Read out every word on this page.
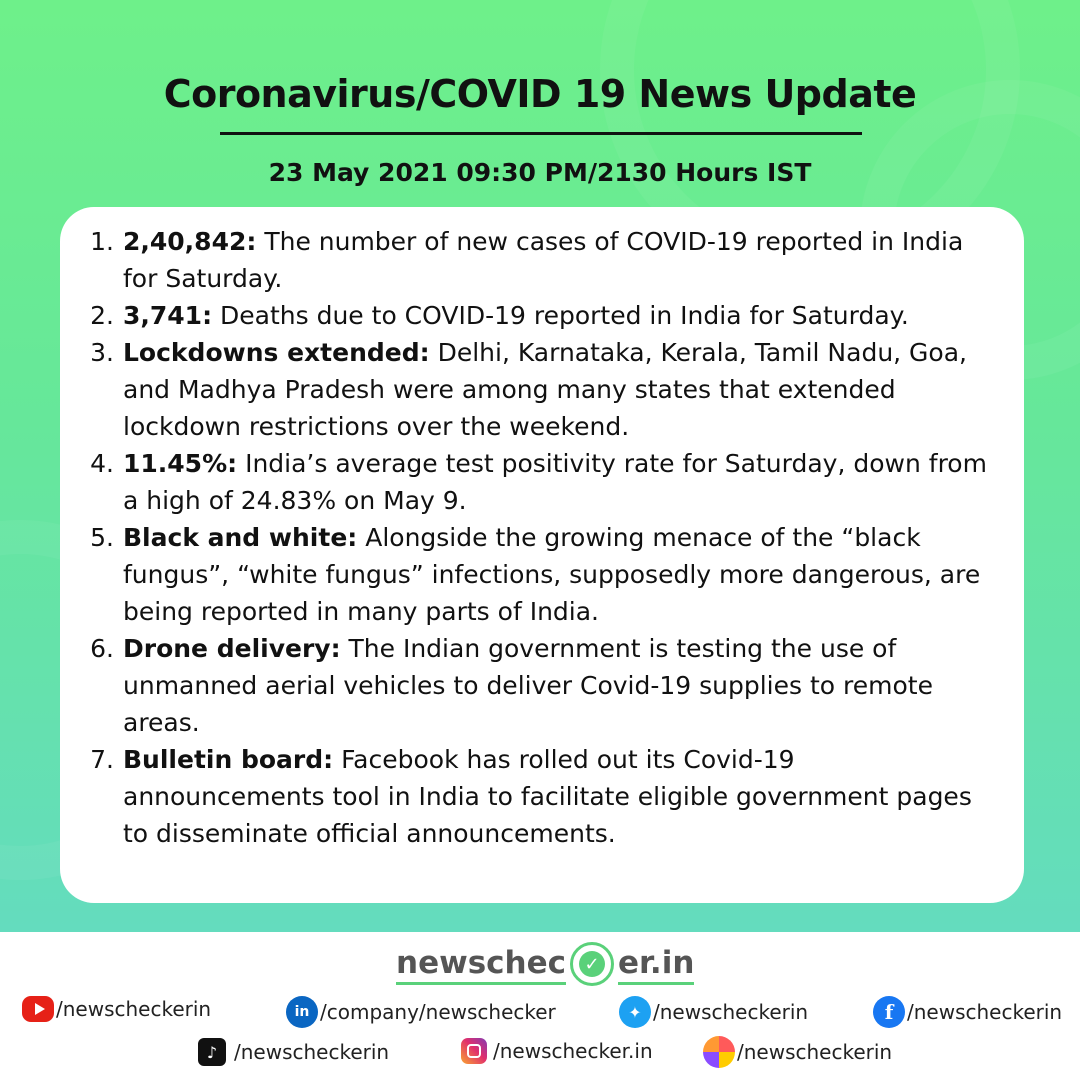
Coronavirus/COVID 19 News Update
23 May 2021 09:30 PM/2130 Hours IST
1. 2,40,842: The number of new cases of COVID-19 reported in India for Saturday.
2. 3,741: Deaths due to COVID-19 reported in India for Saturday.
3. Lockdowns extended: Delhi, Karnataka, Kerala, Tamil Nadu, Goa, and Madhya Pradesh were among many states that extended lockdown restrictions over the weekend.
4. 11.45%: India’s average test positivity rate for Saturday, down from a high of 24.83% on May 9.
5. Black and white: Alongside the growing menace of the “black fungus”, “white fungus” infections, supposedly more dangerous, are being reported in many parts of India.
6. Drone delivery: The Indian government is testing the use of unmanned aerial vehicles to deliver Covid-19 supplies to remote areas.
7. Bulletin board: Facebook has rolled out its Covid-19 announcements tool in India to facilitate eligible government pages to disseminate official announcements.
newschec	✓ er.in
/newscheckerin	in /company/newschecker	✦ /newscheckerin	f /newscheckerin
♪ /newscheckerin	/newschecker.in	/newscheckerin
